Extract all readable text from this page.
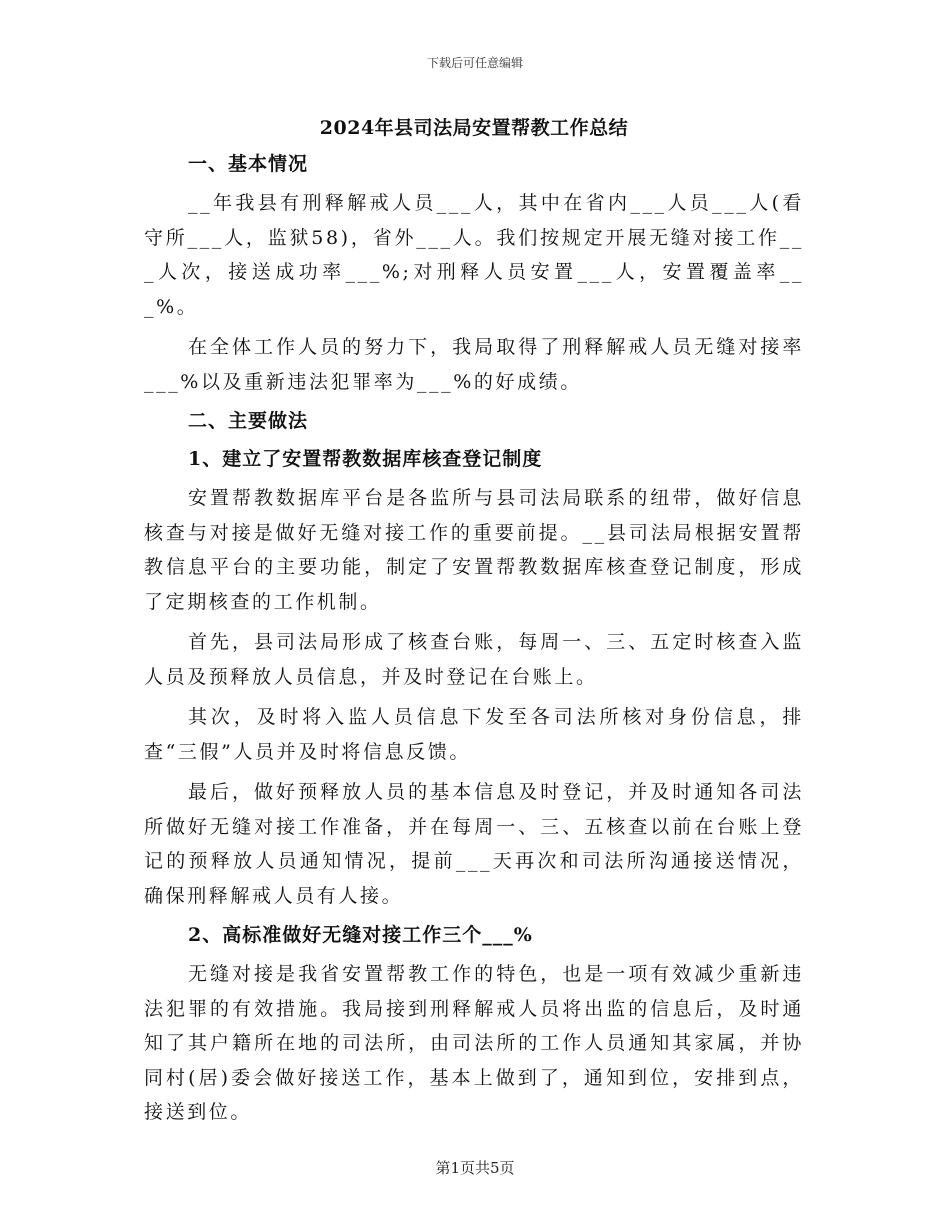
下载后可任意编辑
2024年县司法局安置帮教工作总结
一、基本情况

__年我县有刑释解戒人员___人，其中在省内___人员___人(看守所___人，监狱58)，省外___人。我们按规定开展无缝对接工作___人次，接送成功率___%;对刑释人员安置___人，安置覆盖率___%。

在全体工作人员的努力下，我局取得了刑释解戒人员无缝对接率___%以及重新违法犯罪率为___%的好成绩。

二、主要做法
1、建立了安置帮教数据库核查登记制度

安置帮教数据库平台是各监所与县司法局联系的纽带，做好信息核查与对接是做好无缝对接工作的重要前提。__县司法局根据安置帮教信息平台的主要功能，制定了安置帮教数据库核查登记制度，形成了定期核查的工作机制。

首先，县司法局形成了核查台账，每周一、三、五定时核查入监人员及预释放人员信息，并及时登记在台账上。

其次，及时将入监人员信息下发至各司法所核对身份信息，排查“三假”人员并及时将信息反馈。

最后，做好预释放人员的基本信息及时登记，并及时通知各司法所做好无缝对接工作准备，并在每周一、三、五核查以前在台账上登记的预释放人员通知情况，提前___天再次和司法所沟通接送情况，确保刑释解戒人员有人接。

2、高标准做好无缝对接工作三个___%

无缝对接是我省安置帮教工作的特色，也是一项有效减少重新违法犯罪的有效措施。我局接到刑释解戒人员将出监的信息后，及时通知了其户籍所在地的司法所，由司法所的工作人员通知其家属，并协同村(居)委会做好接送工作，基本上做到了，通知到位，安排到点，接送到位。

第1页共5页
